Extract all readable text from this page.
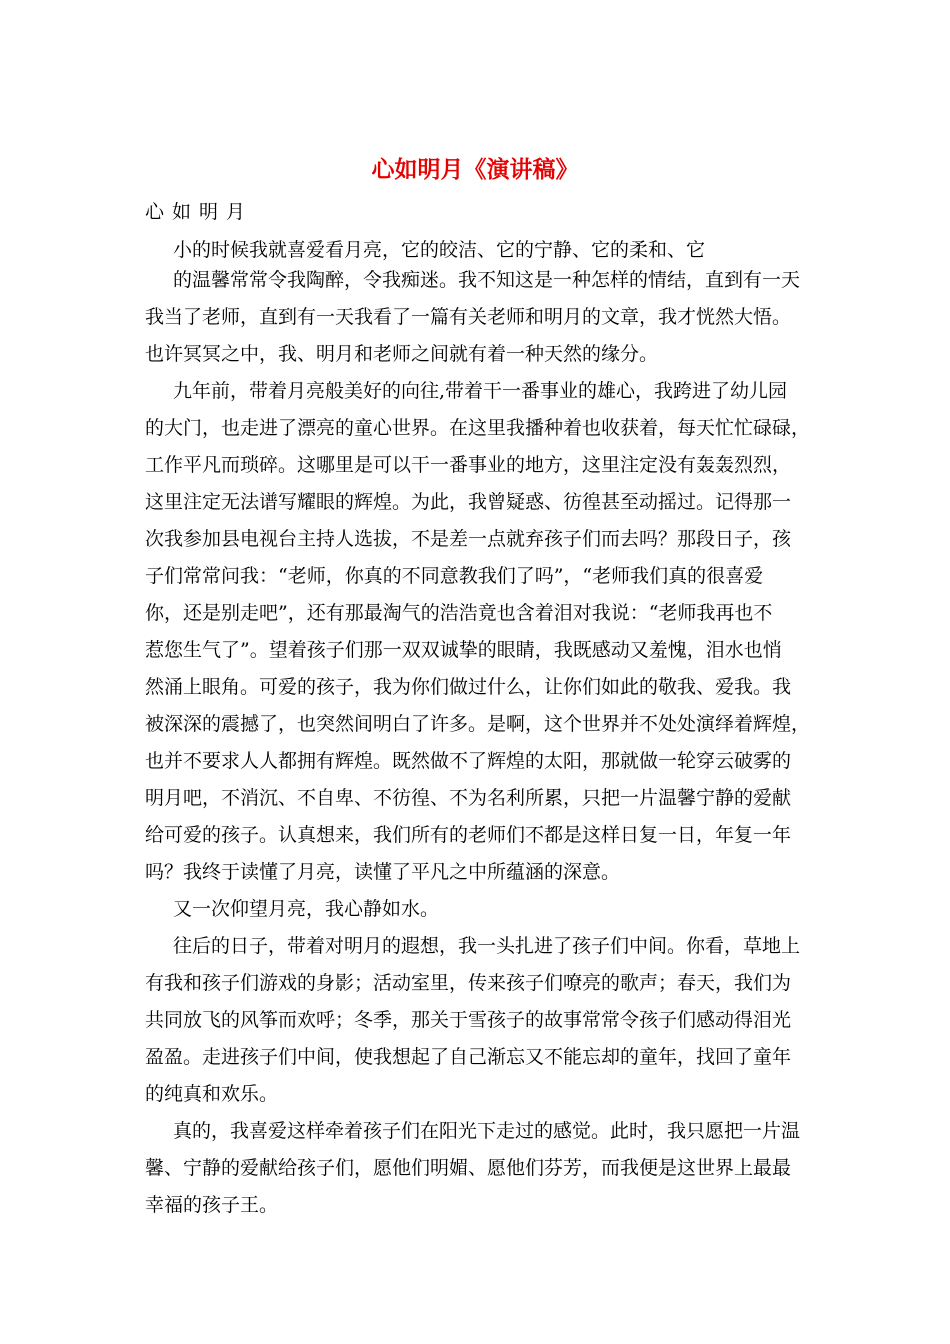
心如明月《演讲稿》

心如明月

小的时候我就喜爱看月亮，它的皎洁、它的宁静、它的柔和、它

的温馨常常令我陶醉，令我痴迷。我不知这是一种怎样的情结，直到有一天

我当了老师，直到有一天我看了一篇有关老师和明月的文章，我才恍然大悟。

也许冥冥之中，我、明月和老师之间就有着一种天然的缘分。

九年前，带着月亮般美好的向往,带着干一番事业的雄心，我跨进了幼儿园

的大门，也走进了漂亮的童心世界。在这里我播种着也收获着，每天忙忙碌碌，

工作平凡而琐碎。这哪里是可以干一番事业的地方，这里注定没有轰轰烈烈，

这里注定无法谱写耀眼的辉煌。为此，我曾疑惑、彷徨甚至动摇过。记得那一

次我参加县电视台主持人选拔，不是差一点就弃孩子们而去吗？那段日子，孩

子们常常问我：“老师，你真的不同意教我们了吗”，“老师我们真的很喜爱

你，还是别走吧”，还有那最淘气的浩浩竟也含着泪对我说：“老师我再也不

惹您生气了”。望着孩子们那一双双诚挚的眼睛，我既感动又羞愧，泪水也悄

然涌上眼角。可爱的孩子，我为你们做过什么，让你们如此的敬我、爱我。我

被深深的震撼了，也突然间明白了许多。是啊，这个世界并不处处演绎着辉煌，

也并不要求人人都拥有辉煌。既然做不了辉煌的太阳，那就做一轮穿云破雾的

明月吧，不消沉、不自卑、不彷徨、不为名利所累，只把一片温馨宁静的爱献

给可爱的孩子。认真想来，我们所有的老师们不都是这样日复一日，年复一年

吗？我终于读懂了月亮，读懂了平凡之中所蕴涵的深意。

又一次仰望月亮，我心静如水。

往后的日子，带着对明月的遐想，我一头扎进了孩子们中间。你看，草地上

有我和孩子们游戏的身影；活动室里，传来孩子们嘹亮的歌声；春天，我们为

共同放飞的风筝而欢呼；冬季，那关于雪孩子的故事常常令孩子们感动得泪光

盈盈。走进孩子们中间，使我想起了自己渐忘又不能忘却的童年，找回了童年

的纯真和欢乐。

真的，我喜爱这样牵着孩子们在阳光下走过的感觉。此时，我只愿把一片温

馨、宁静的爱献给孩子们，愿他们明媚、愿他们芬芳，而我便是这世界上最最

幸福的孩子王。
